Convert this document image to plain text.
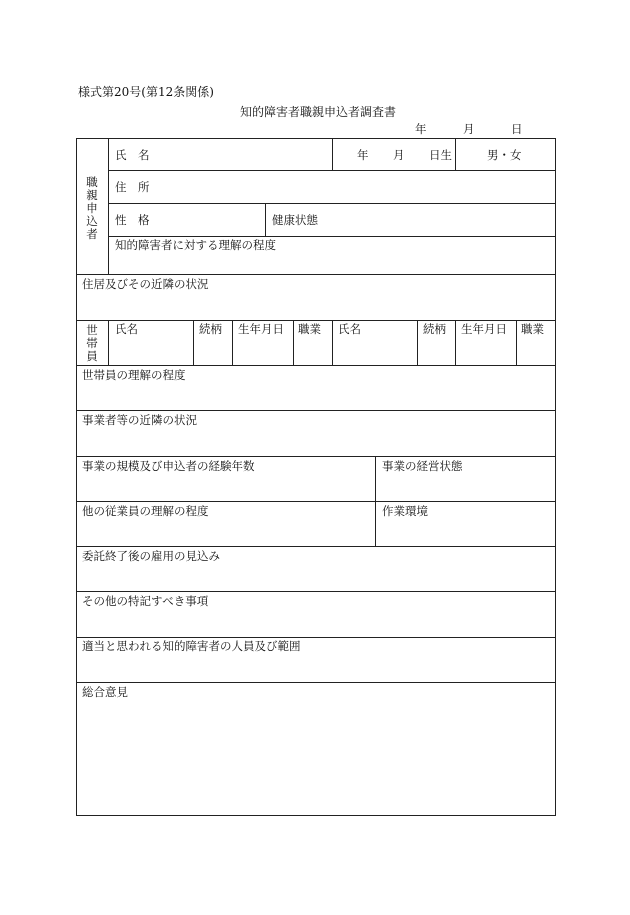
様式第20号(第12条関係)
知的障害者職親申込者調査書
年	月	日
職親申込者
氏　名	年 月 日生	男・女
住　所
性　格	健康状態
知的障害者に対する理解の程度
住居及びその近隣の状況
世帯員
氏名	続柄 生年月日 職業 氏名	続柄 生年月日 職業
世帯員の理解の程度
事業者等の近隣の状況
事業の規模及び申込者の経験年数	事業の経営状態
他の従業員の理解の程度	作業環境
委託終了後の雇用の見込み
その他の特記すべき事項
適当と思われる知的障害者の人員及び範囲
総合意見
